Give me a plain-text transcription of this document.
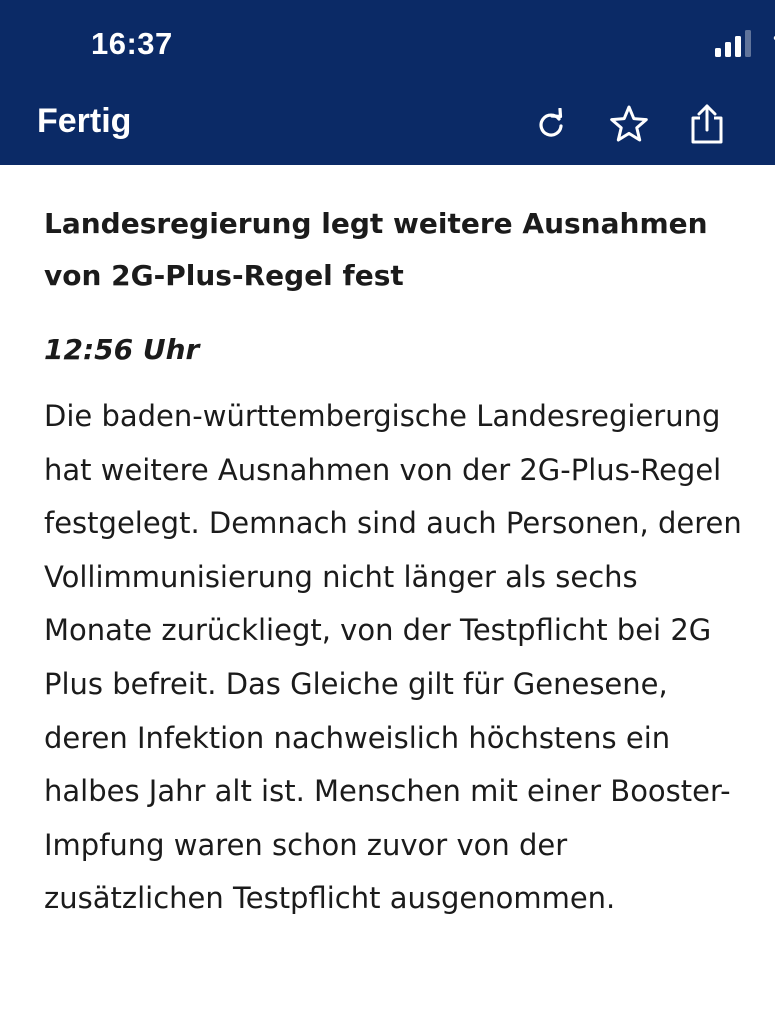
16:37
Fertig
Landesregierung legt weitere Ausnahmen von 2G-Plus-Regel fest

12:56 Uhr

Die baden-württembergische Landesregierung hat weitere Ausnahmen von der 2G-Plus-Regel festgelegt. Demnach sind auch Personen, deren Vollimmunisierung nicht länger als sechs Monate zurückliegt, von der Testpflicht bei 2G Plus befreit. Das Gleiche gilt für Genesene, deren Infektion nachweislich höchstens ein halbes Jahr alt ist. Menschen mit einer Booster-Impfung waren schon zuvor von der zusätzlichen Testpflicht ausgenommen.
